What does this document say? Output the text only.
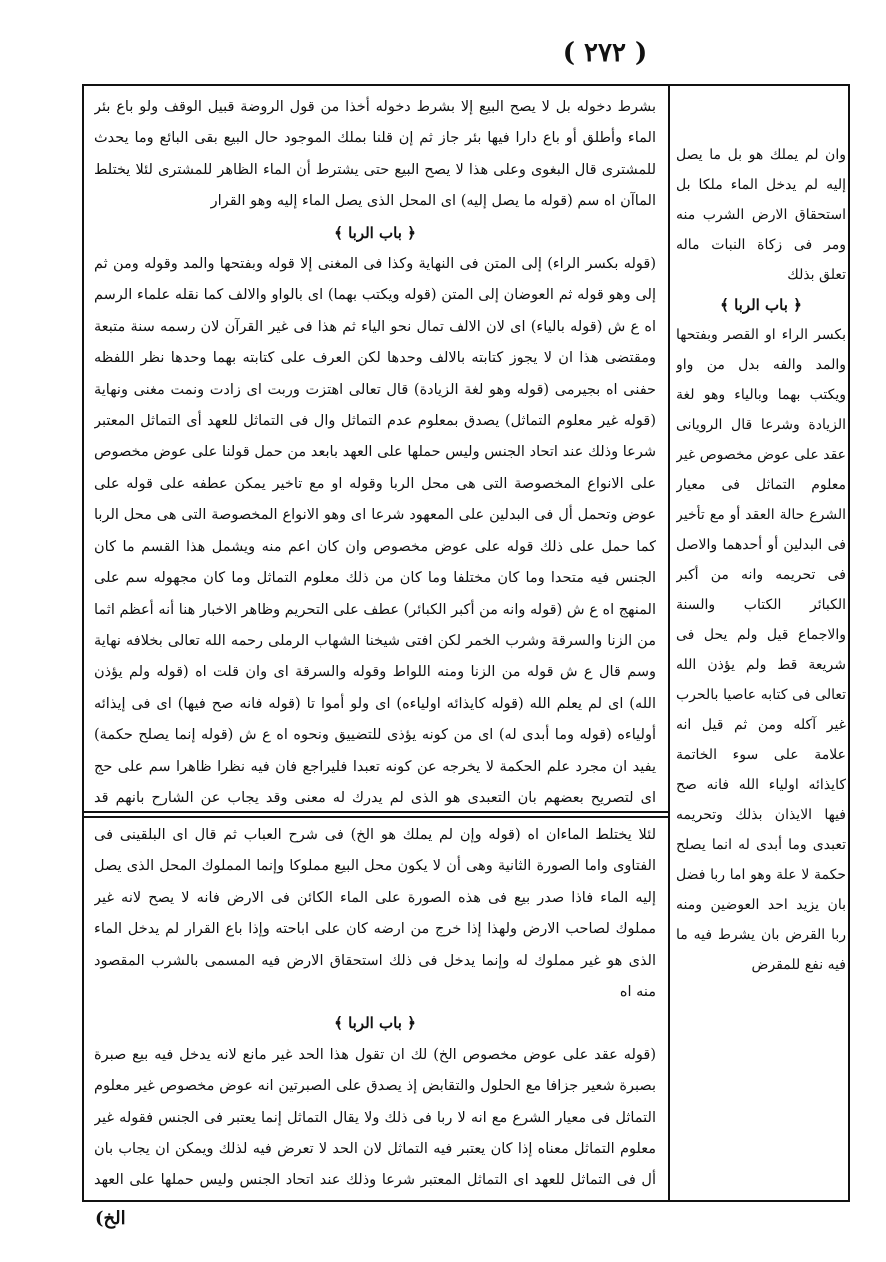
( ٢٧٢ )

بشرط دخوله بل لا يصح البيع إلا بشرط دخوله أخذا من قول الروضة قبيل الوقف ولو باع بئر الماء وأطلق أو باع دارا فيها بئر جاز ثم إن قلنا بملك الموجود حال البيع بقى البائع وما يحدث للمشترى قال البغوى وعلى هذا لا يصح البيع حتى يشترط أن الماء الظاهر للمشترى لئلا يختلط الماآن اه سم (قوله ما يصل إليه) اى المحل الذى يصل الماء إليه وهو القرار

﴿ باب الربا ﴾

(قوله بكسر الراء) إلى المتن فى النهاية وكذا فى المغنى إلا قوله وبفتحها والمد وقوله ومن ثم إلى وهو قوله ثم العوضان إلى المتن (قوله ويكتب بهما) اى بالواو والالف كما نقله علماء الرسم اه ع ش (قوله بالياء) اى لان الالف تمال نحو الياء ثم هذا فى غير القرآن لان رسمه سنة متبعة ومقتضى هذا ان لا يجوز كتابته بالالف وحدها لكن العرف على كتابته بهما وحدها نظر اللفظه حفنى اه بجيرمى (قوله وهو لغة الزيادة) قال تعالى اهتزت وربت اى زادت ونمت مغنى ونهاية (قوله غير معلوم التماثل) يصدق بمعلوم عدم التماثل وال فى التماثل للعهد أى التماثل المعتبر شرعا وذلك عند اتحاد الجنس وليس حملها على العهد بابعد من حمل قولنا على عوض مخصوص على الانواع المخصوصة التى هى محل الربا وقوله او مع تاخير يمكن عطفه على قوله على عوض وتحمل أل فى البدلين على المعهود شرعا اى وهو الانواع المخصوصة التى هى محل الربا كما حمل على ذلك قوله على عوض مخصوص وان كان اعم منه ويشمل هذا القسم ما كان الجنس فيه متحدا وما كان مختلفا وما كان من ذلك معلوم التماثل وما كان مجهوله سم على المنهج اه ع ش (قوله وانه من أكبر الكبائر) عطف على التحريم وظاهر الاخبار هنا أنه أعظم اثما من الزنا والسرقة وشرب الخمر لكن افتى شيخنا الشهاب الرملى رحمه الله تعالى بخلافه نهاية وسم قال ع ش قوله من الزنا ومنه اللواط وقوله والسرقة اى وان قلت اه (قوله ولم يؤذن الله) اى لم يعلم الله (قوله كايذائه اولياءه) اى ولو أموا تا (قوله فانه صح فيها) اى فى إيذائه أولياءه (قوله وما أبدى له) اى من كونه يؤذى للتضييق ونحوه اه ع ش (قوله إنما يصلح حكمة) يفيد ان مجرد علم الحكمة لا يخرجه عن كونه تعبدا فليراجع فان فيه نظرا ظاهرا سم على حج اى لتصريح بعضهم بان التعبدى هو الذى لم يدرك له معنى وقد يجاب عن الشارح بانهم قد

لئلا يختلط الماءان اه (قوله وإن لم يملك هو الخ) فى شرح العباب ثم قال اى البلقينى فى الفتاوى واما الصورة الثانية وهى أن لا يكون محل البيع مملوكا وإنما المملوك المحل الذى يصل إليه الماء فاذا صدر بيع فى هذه الصورة على الماء الكائن فى الارض فانه لا يصح لانه غير مملوك لصاحب الارض ولهذا إذا خرج من ارضه كان على اباحته وإذا باع القرار لم يدخل الماء الذى هو غير مملوك له وإنما يدخل فى ذلك استحقاق الارض فيه المسمى بالشرب المقصود منه اه

﴿ باب الربا ﴾

(قوله عقد على عوض مخصوص الخ) لك ان تقول هذا الحد غير مانع لانه يدخل فيه بيع صبرة بصبرة شعير جزافا مع الحلول والتقابض إذ يصدق على الصبرتين انه عوض مخصوص غير معلوم التماثل فى معيار الشرع مع انه لا ربا فى ذلك ولا يقال التماثل إنما يعتبر فى الجنس فقوله غير معلوم التماثل معناه إذا كان يعتبر فيه التماثل لان الحد لا تعرض فيه لذلك ويمكن ان يجاب بان أل فى التماثل للعهد اى التماثل المعتبر شرعا وذلك عند اتحاد الجنس وليس حملها على العهد

وان لم يملك هو بل ما يصل إليه لم يدخل الماء ملكا بل استحقاق الارض الشرب منه ومر فى زكاة النبات ماله تعلق بذلك

﴿ باب الربا ﴾

بكسر الراء او القصر وبفتحها والمد والفه بدل من واو ويكتب بهما وبالياء وهو لغة الزيادة وشرعا قال الرويانى عقد على عوض مخصوص غير معلوم التماثل فى معيار الشرع حالة العقد أو مع تأخير فى البدلين أو أحدهما والاصل فى تحريمه وانه من أكبر الكبائر الكتاب والسنة والاجماع قيل ولم يحل فى شريعة قط ولم يؤذن الله تعالى فى كتابه عاصيا بالحرب غير آكله ومن ثم قيل انه علامة على سوء الخاتمة كايذائه اولياء الله فانه صح فيها الايذان بذلك وتحريمه تعبدى وما أبدى له انما يصلح حكمة لا علة وهو اما ربا فضل بان يزيد احد العوضين ومنه ربا القرض بان يشرط فيه ما فيه نفع للمقرض

الخ)
